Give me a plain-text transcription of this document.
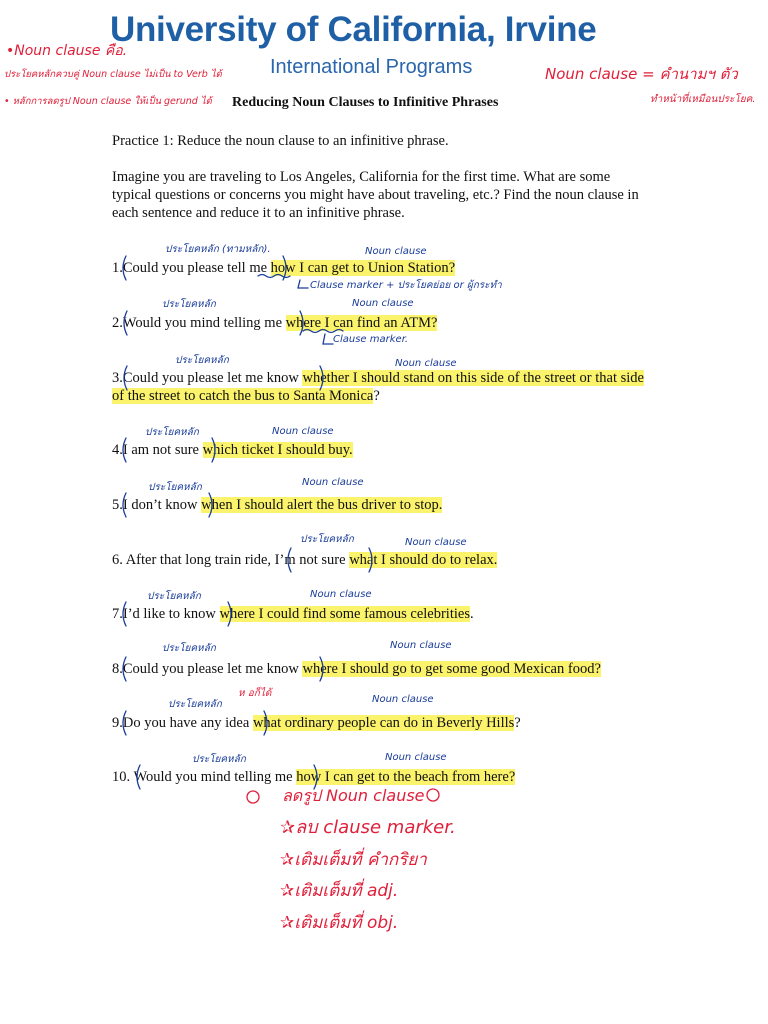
University of California, Irvine
International Programs
•Noun clause คือ.
ประโยคหลักควบคู่ Noun clause ไม่เป็น to Verb ได้
• หลักการลดรูป Noun clause ให้เป็น gerund ได้
Noun clause = คำนามฯ ตัว
ทำหน้าที่เหมือนประโยค.
Reducing Noun Clauses to Infinitive Phrases
Practice 1: Reduce the noun clause to an infinitive phrase.
Imagine you are traveling to Los Angeles, California for the first time. What are some typical questions or concerns you might have about traveling, etc.? Find the noun clause in each sentence and reduce it to an infinitive phrase.
ประโยคหลัก (ทามหลัก).	Noun clause
Clause marker + ประโยคย่อย or ผู้กระทำ
ประโยคหลัก	Noun clause
Clause marker.
ประโยคหลัก	Noun clause
ประโยคหลัก	Noun clause
ประโยคหลัก	Noun clause
ประโยคหลัก	Noun clause
ประโยคหลัก	Noun clause
ประโยคหลัก	Noun clause
ประโยคหลัก
ห อก็ได้
Noun clause
ประโยคหลัก	Noun clause
1.Could you please tell me how I can get to Union Station?
2.Would you mind telling me where I can find an ATM?
3.Could you please let me know whether I should stand on this side of the street or that side of the street to catch the bus to Santa Monica?
4.I am not sure which ticket I should buy.
5.I don’t know when I should alert the bus driver to stop.
6. After that long train ride, I’m not sure what I should do to relax.
7.I’d like to know where I could find some famous celebrities.
8.Could you please let me know where I should go to get some good Mexican food?
9.Do you have any idea what ordinary people can do in Beverly Hills?
10. Would you mind telling me how I can get to the beach from here?
ลดรูป Noun clause
✰ลบ clause marker.
✰เติมเต็มที่ คำกริยา
✰เติมเต็มที่ adj.
✰เติมเต็มที่ obj.
